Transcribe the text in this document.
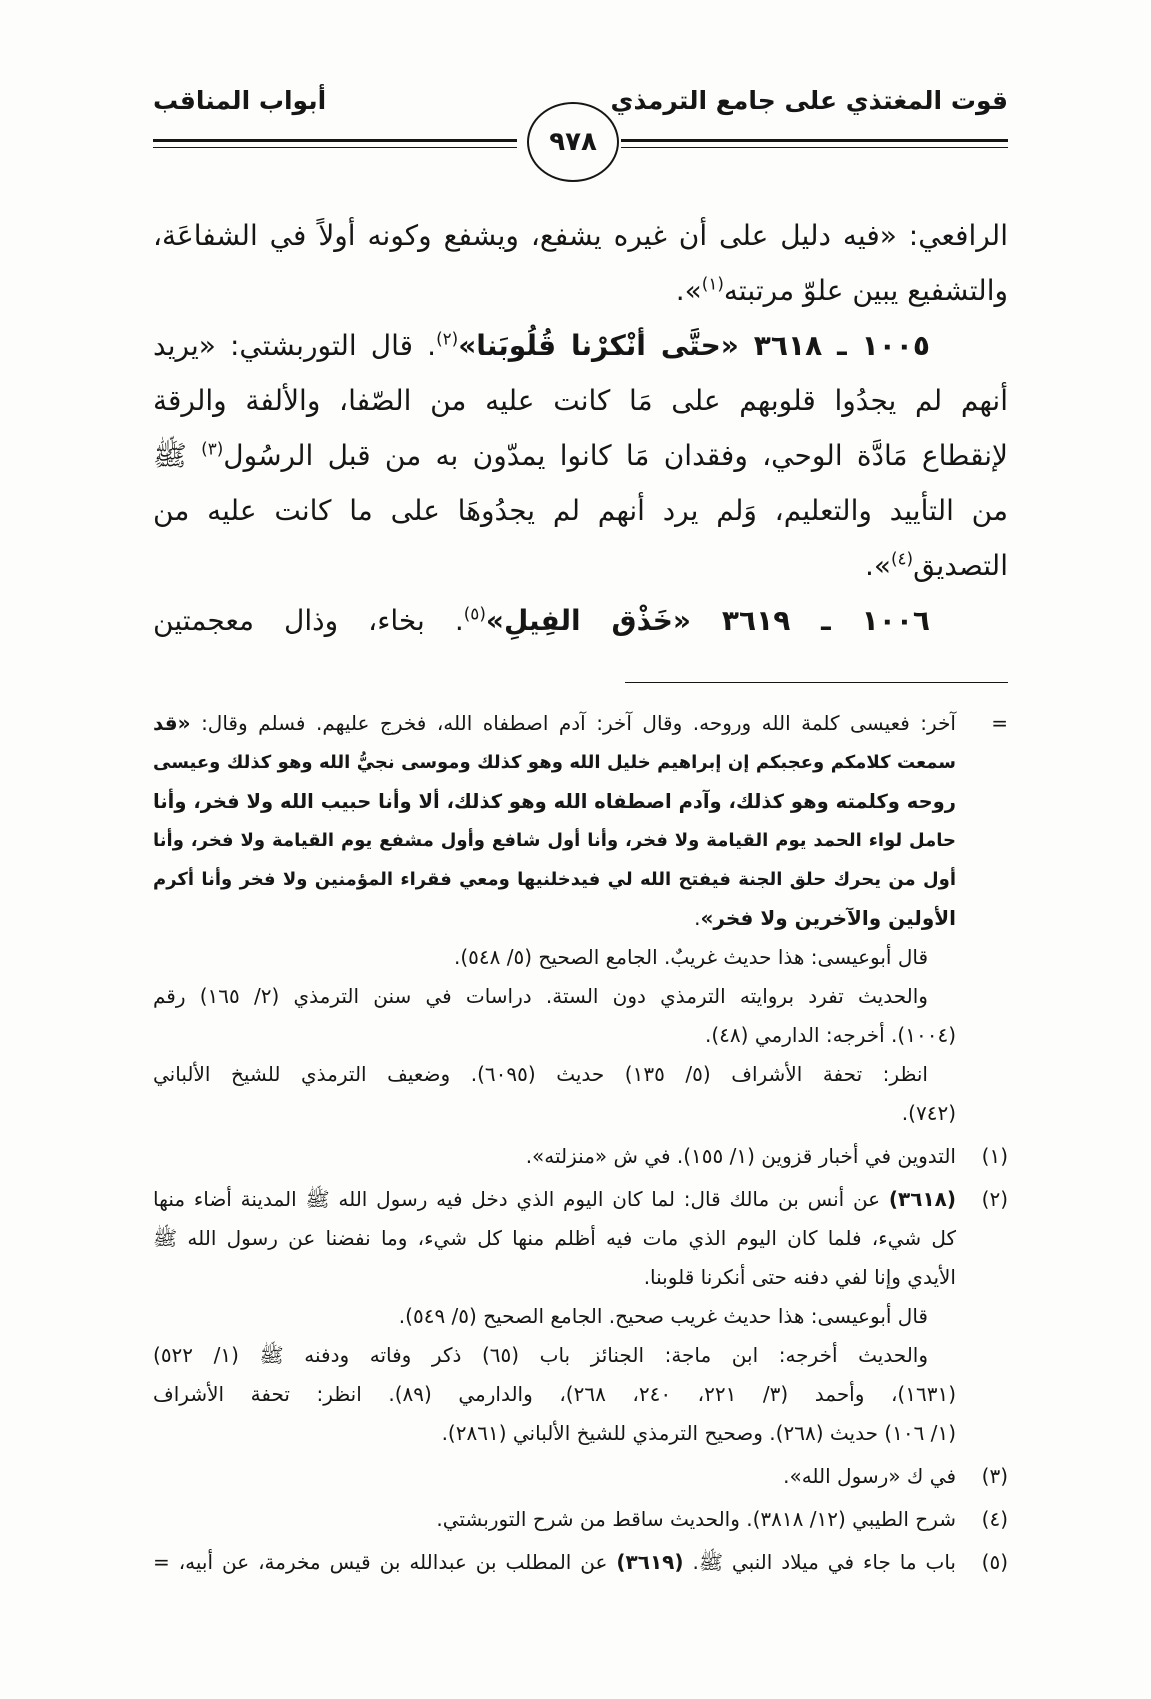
قوت المغتذي على جامع الترمذي
أبواب المناقب
٩٧٨
الرافعي: «فيه دليل على أن غيره يشفع، ويشفع وكونه أولاً في الشفاعَة،
والتشفيع يبين علوّ مرتبته$^{(١)}$».
١٠٠٥ ـ ٣٦١٨ «حتَّى أنْكرْنا قُلُوبَنا»$^{(٢)}$. قال التوربشتي: «يريد
أنهم لم يجدُوا قلوبهم على مَا كانت عليه من الصّفا، والألفة والرقة
لإنقطاع مَادَّة الوحي، وفقدان مَا كانوا يمدّون به من قبل الرسُول$^{(٣)}$ ﷺ
من التأييد والتعليم، وَلم يرد أنهم لم يجدُوهَا على ما كانت عليه من
التصديق$^{(٤)}$».
١٠٠٦ ـ ٣٦١٩ «خَذْق الفِيلِ»$^{(٥)}$. بخاء، وذال معجمتين
=
آخر: فعيسى كلمة الله وروحه. وقال آخر: آدم اصطفاه الله، فخرج عليهم. فسلم وقال: «قد
سمعت كلامكم وعجبكم إن إبراهيم خليل الله وهو كذلك وموسى نجيُّ الله وهو كذلك وعيسى
روحه وكلمته وهو كذلك، وآدم اصطفاه الله وهو كذلك، ألا وأنا حبيب الله ولا فخر، وأنا
حامل لواء الحمد يوم القيامة ولا فخر، وأنا أول شافع وأول مشفع يوم القيامة ولا فخر، وأنا
أول من يحرك حلق الجنة فيفتح الله لي فيدخلنيها ومعي فقراء المؤمنين ولا فخر وأنا أكرم
الأولين والآخرين ولا فخر».
قال أبوعيسى: هذا حديث غريبٌ. الجامع الصحيح (٥/ ٥٤٨).
والحديث تفرد بروايته الترمذي دون الستة. دراسات في سنن الترمذي (٢/ ١٦٥) رقم
(١٠٠٤). أخرجه: الدارمي (٤٨).
انظر: تحفة الأشراف (٥/ ١٣٥) حديث (٦٠٩٥). وضعيف الترمذي للشيخ الألباني
(٧٤٢).
(١)
التدوين في أخبار قزوين (١/ ١٥٥). في ش «منزلته».
(٢)
(٣٦١٨) عن أنس بن مالك قال: لما كان اليوم الذي دخل فيه رسول الله ﷺ المدينة أضاء منها
كل شيء، فلما كان اليوم الذي مات فيه أظلم منها كل شيء، وما نفضنا عن رسول الله ﷺ
الأيدي وإنا لفي دفنه حتى أنكرنا قلوبنا.
قال أبوعيسى: هذا حديث غريب صحيح. الجامع الصحيح (٥/ ٥٤٩).
والحديث أخرجه: ابن ماجة: الجنائز باب (٦٥) ذكر وفاته ودفنه ﷺ (١/ ٥٢٢)
(١٦٣١)، وأحمد (٣/ ٢٢١، ٢٤٠، ٢٦٨)، والدارمي (٨٩). انظر: تحفة الأشراف
(١/ ١٠٦) حديث (٢٦٨). وصحيح الترمذي للشيخ الألباني (٢٨٦١).
(٣)
في ك «رسول الله».
(٤)
شرح الطيبي (١٢/ ٣٨١٨). والحديث ساقط من شرح التوربشتي.
(٥)
باب ما جاء في ميلاد النبي ﷺ. (٣٦١٩) عن المطلب بن عبدالله بن قيس مخرمة، عن أبيه، =
